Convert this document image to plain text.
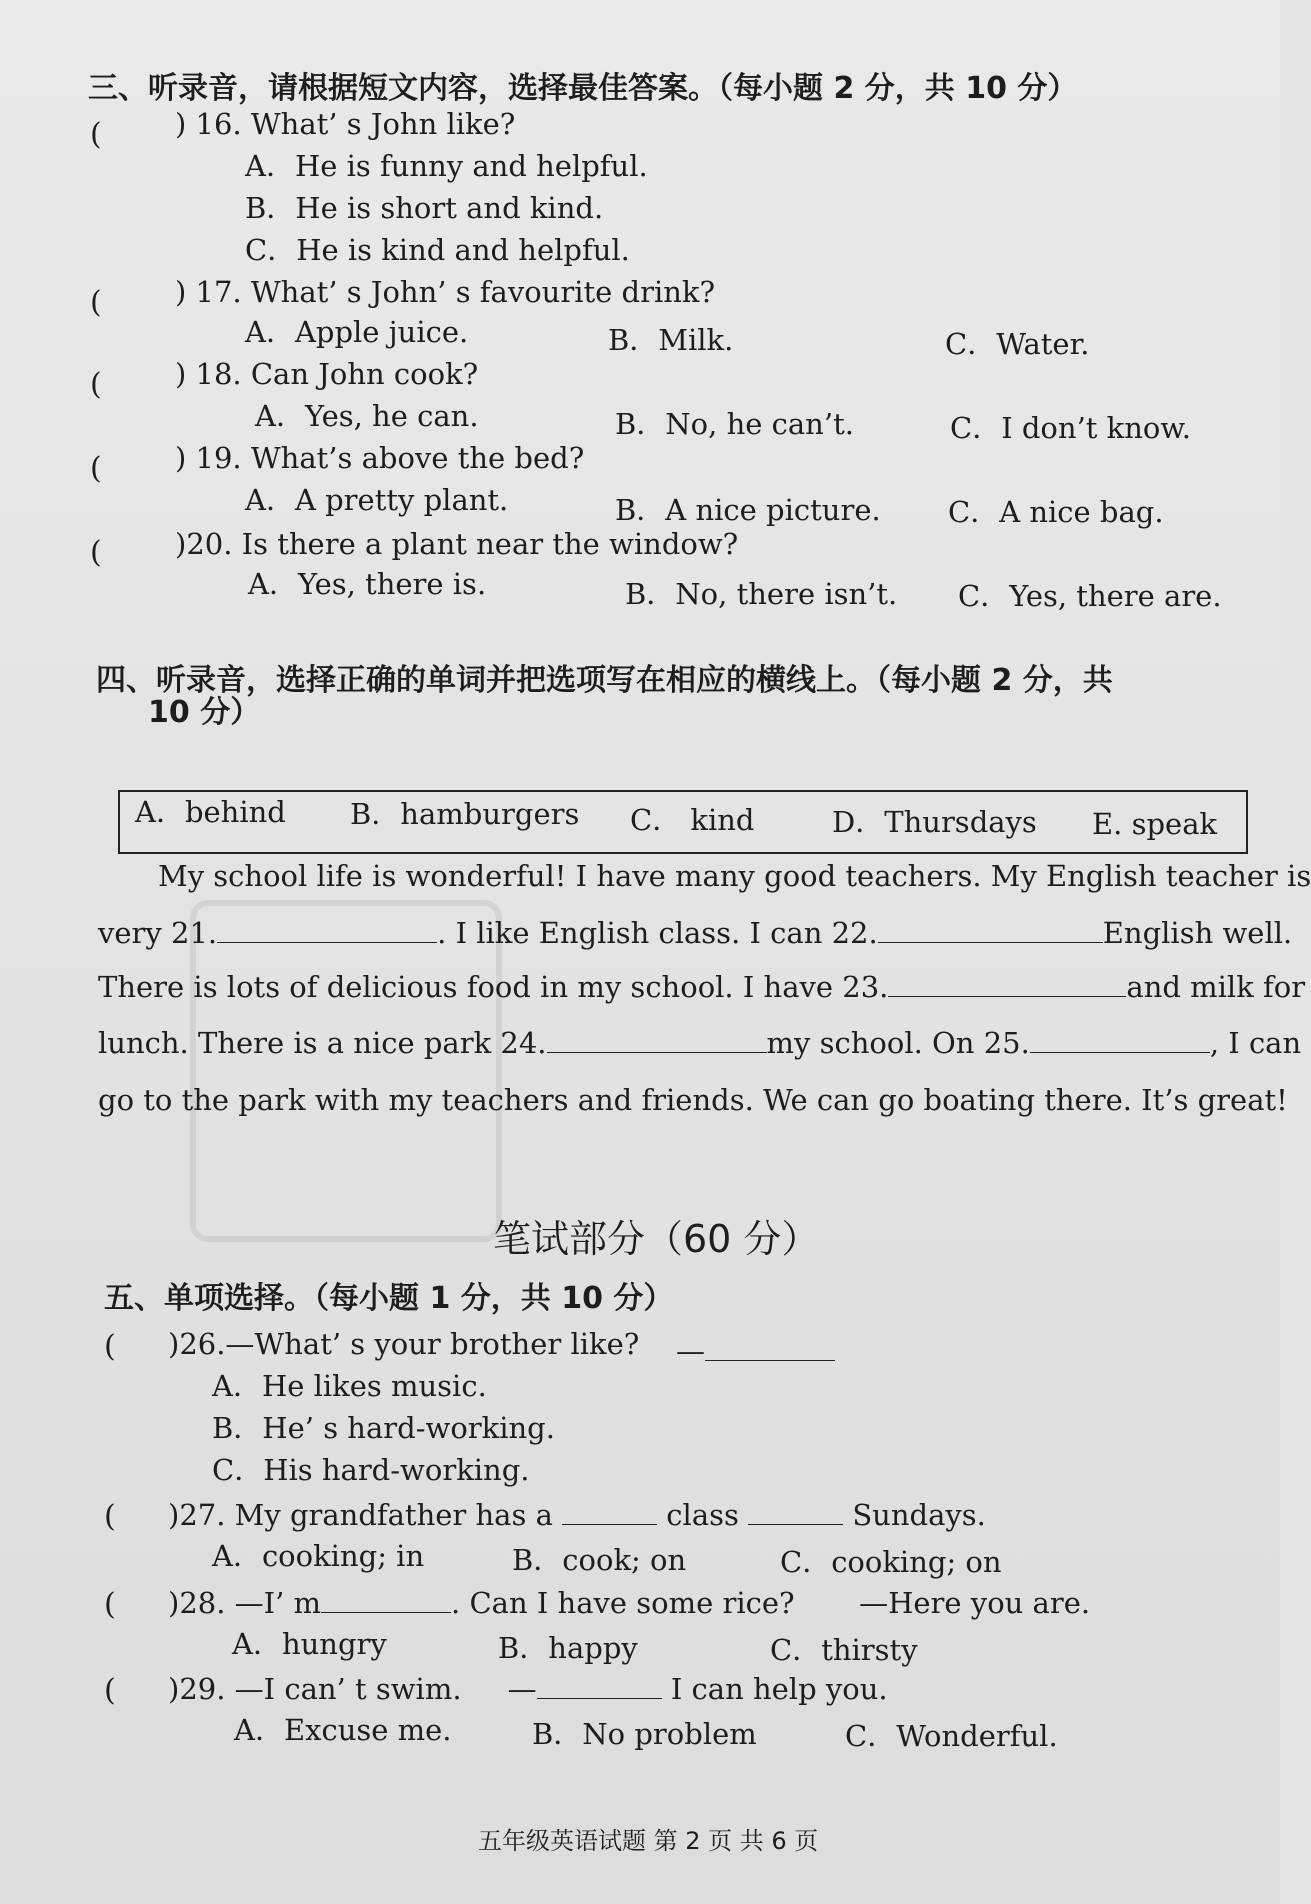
三、听录音，请根据短文内容，选择最佳答案。（每小题 2 分，共 10 分）
(	) 16. What’ s John like?
A．He is funny and helpful.
B．He is short and kind.
C．He is kind and helpful.
(	) 17. What’ s John’ s favourite drink?
A．Apple juice.	B．Milk.	C．Water.
(	) 18. Can John cook?
A．Yes, he can.	B．No, he can’t.	C．I don’t know.
(	) 19. What’s above the bed?
A．A pretty plant.	B．A nice picture. C．A nice bag.
(	)20. Is there a plant near the window?
A．Yes, there is.	B．No, there isn’t. C．Yes, there are.
四、听录音，选择正确的单词并把选项写在相应的横线上。（每小题 2 分，共
10 分）
A．behind B．hamburgers C． kind	D．Thursdays E. speak
My school life is wonderful! I have many good teachers. My English teacher is
very 21.	. I like English class. I can 22.	English well.
There is lots of delicious food in my school. I have 23.	and milk for
lunch. There is a nice park 24.	my school. On 25.	, I can
go to the park with my teachers and friends. We can go boating there. It’s great!
笔试部分（60 分）
五、单项选择。（每小题 1 分，共 10 分）
( )26.—What’ s your brother like? —
A．He likes music.
B．He’ s hard-working.
C．His hard-working.
( )27. My grandfather has a	class	Sundays.
A．cooking; in	B．cook; on	C．cooking; on
( )28. —I’ m	. Can I have some rice? —Here you are.
A．hungry	B．happy	C．thirsty
( )29. —I can’ t swim. —	I can help you.
A．Excuse me.	B．No problem	C．Wonderful.
五年级英语试题 第 2 页 共 6 页
